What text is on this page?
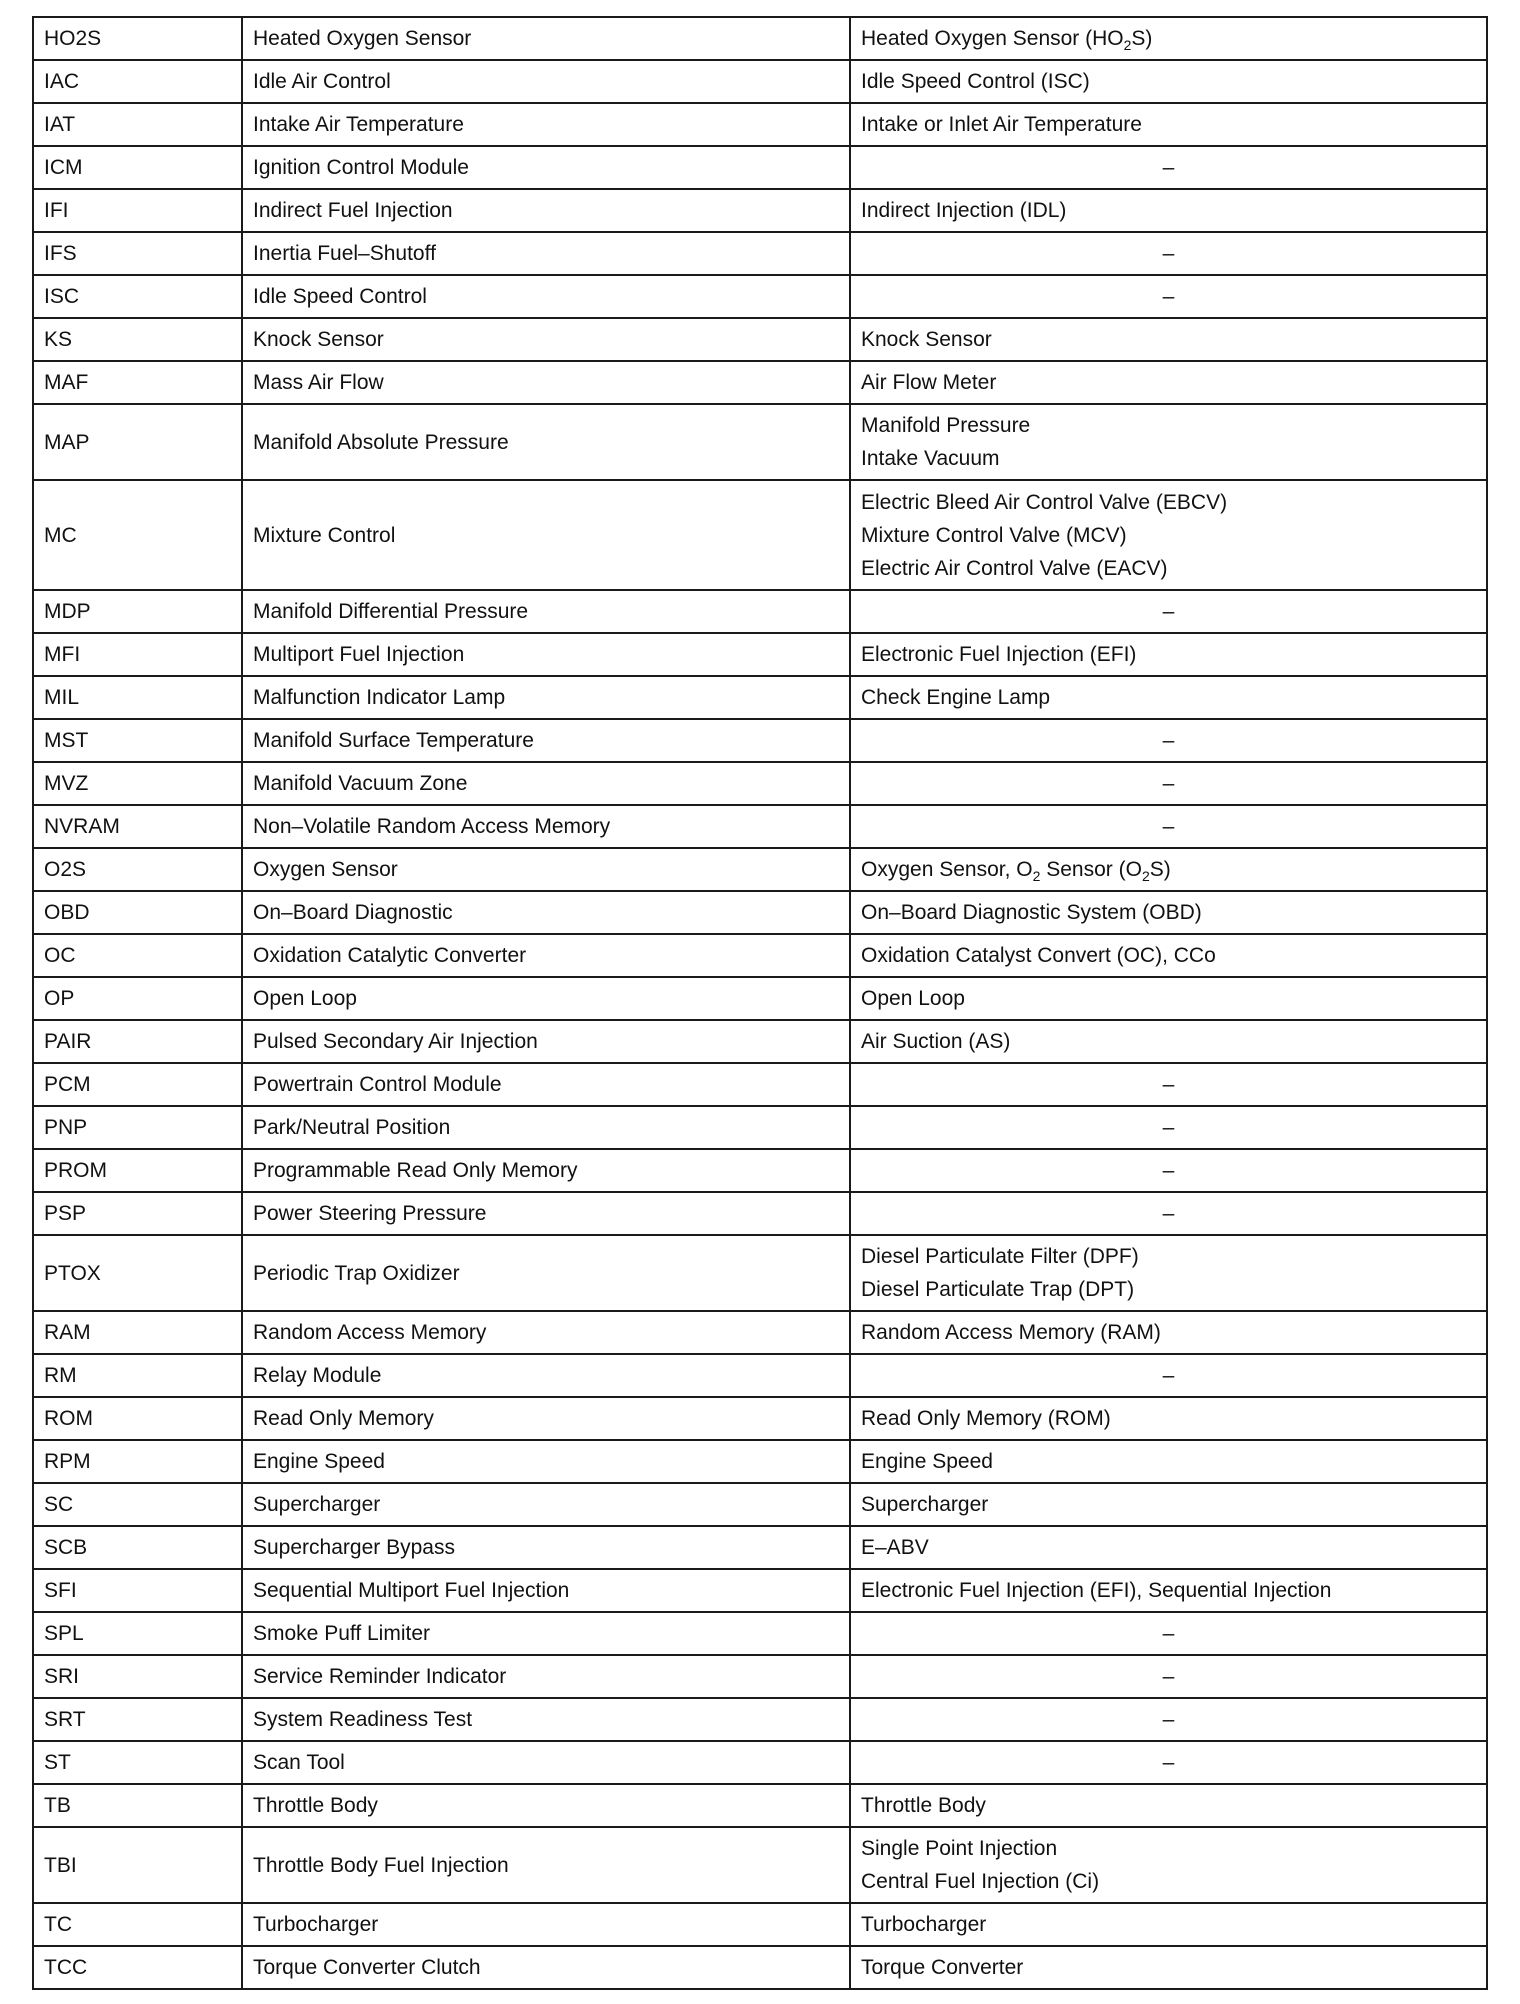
HO2S	Heated Oxygen Sensor	Heated Oxygen Sensor $(HO_2S)$

IAC	Idle Air Control	Idle Speed Control (ISC)

IAT	Intake Air Temperature	Intake or Inlet Air Temperature

ICM	Ignition Control Module	–

IFI	Indirect Fuel Injection	Indirect Injection (IDL)

IFS	Inertia Fuel–Shutoff	–

ISC	Idle Speed Control	–

KS	Knock Sensor	Knock Sensor

MAF	Mass Air Flow	Air Flow Meter

MAP	Manifold Absolute Pressure	Manifold Pressure
Intake Vacuum

MC	Mixture Control	Electric Bleed Air Control Valve (EBCV)
Mixture Control Valve (MCV)
Electric Air Control Valve (EACV)

MDP	Manifold Differential Pressure	–

MFI	Multiport Fuel Injection	Electronic Fuel Injection (EFI)

MIL	Malfunction Indicator Lamp	Check Engine Lamp

MST	Manifold Surface Temperature	–

MVZ	Manifold Vacuum Zone	–

NVRAM	Non–Volatile Random Access Memory	–

O2S	Oxygen Sensor	Oxygen Sensor, $O_2$ Sensor $(O_2S)$

OBD	On–Board Diagnostic	On–Board Diagnostic System (OBD)

OC	Oxidation Catalytic Converter	Oxidation Catalyst Convert (OC), CCo

OP	Open Loop	Open Loop

PAIR	Pulsed Secondary Air Injection	Air Suction (AS)

PCM	Powertrain Control Module	–

PNP	Park/Neutral Position	–

PROM	Programmable Read Only Memory	–

PSP	Power Steering Pressure	–

PTOX	Periodic Trap Oxidizer	Diesel Particulate Filter (DPF)
Diesel Particulate Trap (DPT)

RAM	Random Access Memory	Random Access Memory (RAM)

RM	Relay Module	–

ROM	Read Only Memory	Read Only Memory (ROM)

RPM	Engine Speed	Engine Speed

SC	Supercharger	Supercharger

SCB	Supercharger Bypass	E–ABV

SFI	Sequential Multiport Fuel Injection	Electronic Fuel Injection (EFI), Sequential Injection

SPL	Smoke Puff Limiter	–

SRI	Service Reminder Indicator	–

SRT	System Readiness Test	–

ST	Scan Tool	–

TB	Throttle Body	Throttle Body

TBI	Throttle Body Fuel Injection	Single Point Injection
Central Fuel Injection (Ci)

TC	Turbocharger	Turbocharger

TCC	Torque Converter Clutch	Torque Converter
